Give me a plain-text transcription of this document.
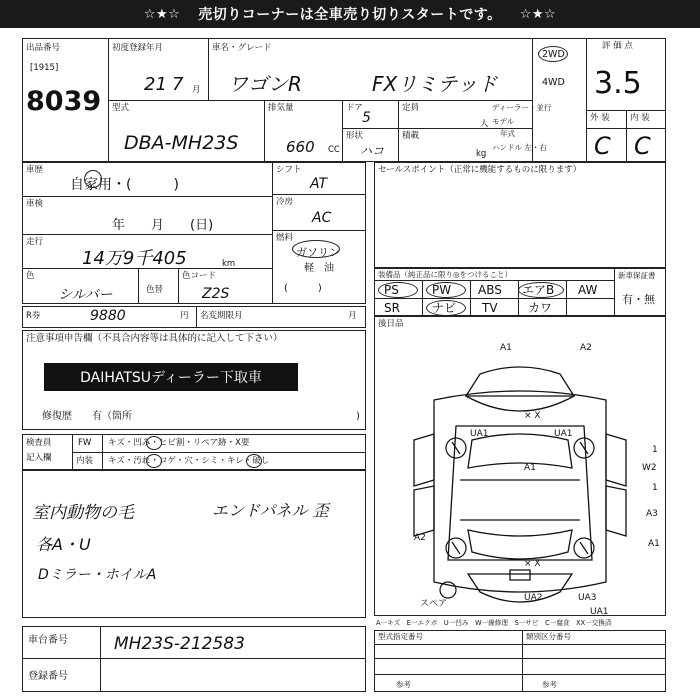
☆★☆ 売切りコーナーは全車売り切りスタートです。 ☆★☆
出品番号
[1915]
8039
初度登録年月
21 7 月
車名・グレード
ワゴンR	FXリミテッド
2WD
4WD
評 価 点
3.5
型式
DBA-MH23S
排気量
660 CC
ドア
5
形状
ハコ
定員
人
積載
kg
ディーラー・並行
モデル
年式
ハンドル 左・右
外 装 内 装
C C
車歴
自家用・(　　　)
車検
年　　月　　(日)
走行
14万9千405	km
色
シルバー	色替
色コード
Z2S
シフト
AT
冷房
AC
燃料
ガソリン
軽　油
(　　　)
セールスポイント（正常に機能するものに限ります）
装備品（純正品に限り◎をつけること）
PS	PW ABS エアB AW
SR	ナビ TV	カワ
新車保証書
有・無
R券	9880	円 名変期限月	月
後日品
注意事項申告欄（不具合内容等は具体的に記入して下さい）
修復歴　　有（箇所	)
検査員
記入欄
FW キズ・凹み・ヒビ割・リペア跡・X要
内装 キズ・汚れ・コゲ・穴・シミ・キレ・破し
室内動物の毛	エンドパネル 歪
各A・U
Dミラー・ホイルA
車台番号	MH23S-212583
登録番号
A一キズ　E一エクボ　U一凹み　W一線修理　S一サビ　C一腐食　XX一交換済
型式指定番号	類別区分番号
参考	参考
A1	A2
UA1	UA1
× X
A1
A2
A3
A1
UA1
UA2	UA3
× X
1
W2
1
スペア
DAIHATSUディーラー下取車
